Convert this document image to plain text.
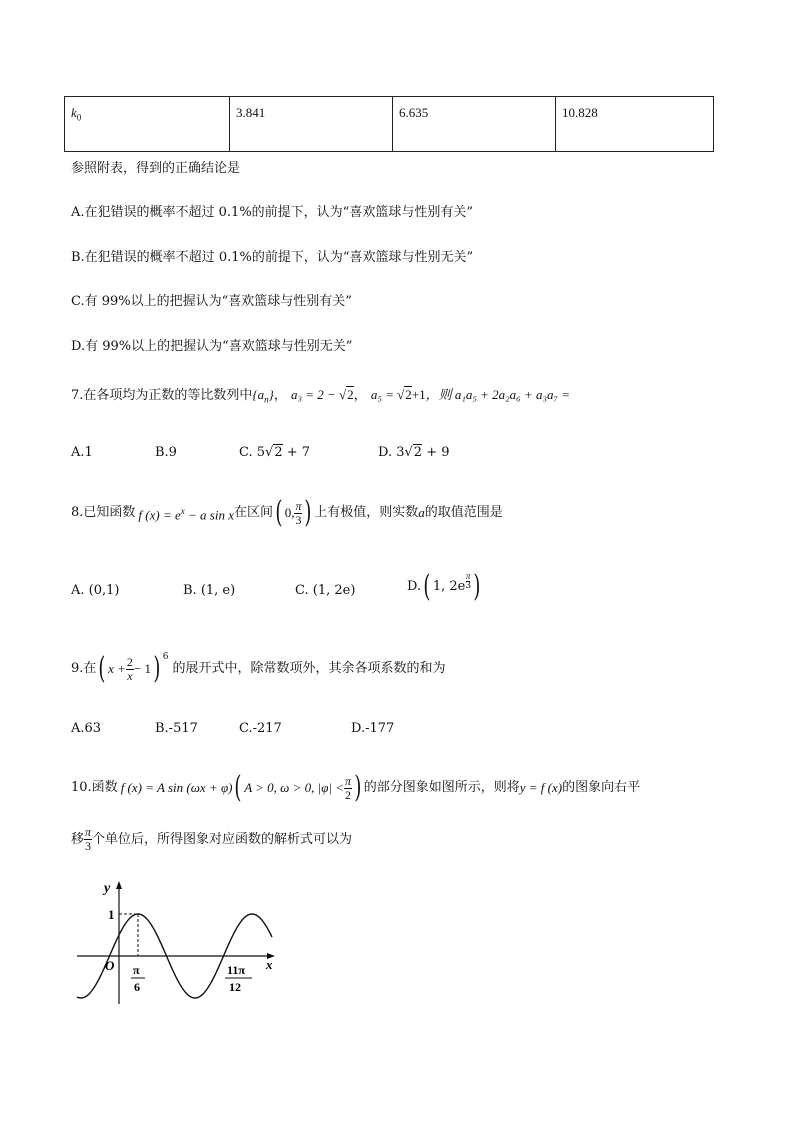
$k_0$	3.841	6.635	10.828
参照附表，得到的正确结论是
A.在犯错误的概率不超过 0.1%的前提下，认为“喜欢篮球与性别有关”
B.在犯错误的概率不超过 0.1%的前提下，认为“喜欢篮球与性别无关”
C.有 99%以上的把握认为“喜欢篮球与性别有关”
D.有 99%以上的把握认为“喜欢篮球与性别无关”
7.在各项均为正数的等比数列中$\{a_n\}$， a₃ = 2 − √2， a₅ = √2+1，则 a₁a₅ + 2a₂a₆ + a₃a₇ =
A.1	B.9	C. 5√2 + 7	D. 3√2 + 9
8.已知函数 f $(x) = e^x - a$ sin x 在区间 ( 0, $\frac{\pi}{3}$ ) 上有极值，则实数 a 的取值范围是
A. (0,1)	B. (1, e)	C. (1, 2e)	D. ( 1, 2e
$^{\pi 3}$ )
9.在 ( $x + \frac{2}{x} - 1$ ) $^6$
的展开式中，除常数项外，其余各项系数的和为
A.63	B.-517	C.-217	D.-177
10.函数 f (x) = A sin (ωx + φ) ( A > 0, ω > 0, $|\varphi| < \frac{\pi}{2}$ ) 的部分图象如图所示，则将 y = f (x) 的图象向右平
移 $\frac{\pi}{3}$ 个单位后，所得图象对应函数的解析式可以为
y
x
O
1
π
6
11π
12
